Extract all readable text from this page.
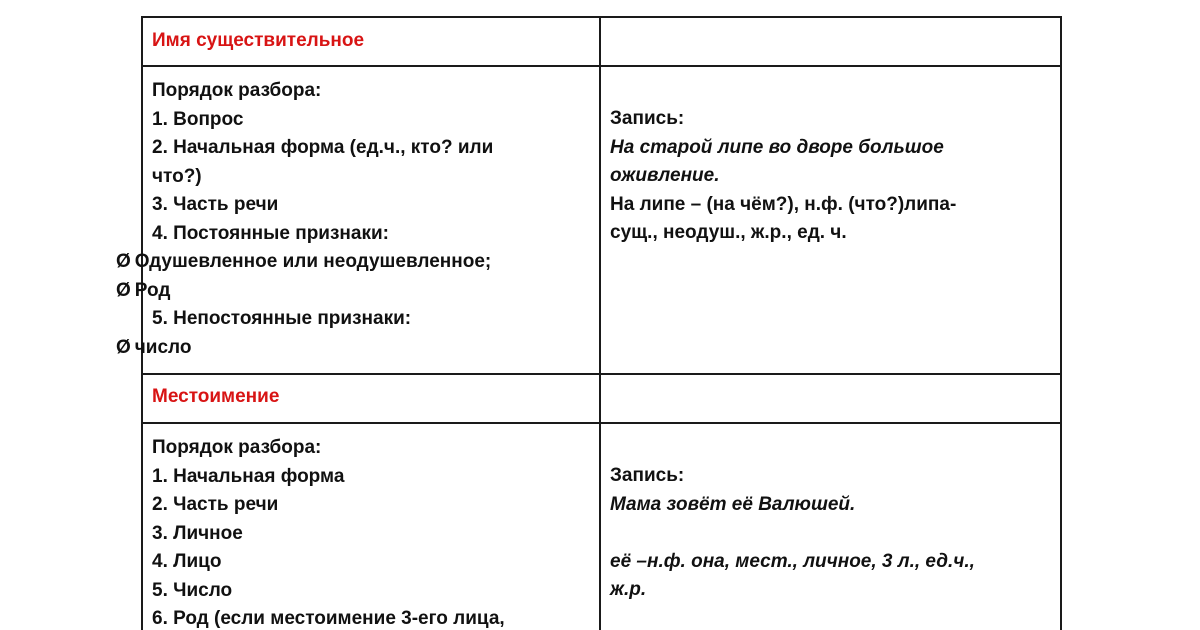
Имя существительное
Порядок разбора:
1. Вопрос
2. Начальная форма (ед.ч., кто? или
что?)
3. Часть речи
4. Постоянные признаки:
Ø Одушевленное или неодушевленное;
Ø Род
5. Непостоянные признаки:
Ø число
Запись:
На старой липе во дворе большое
оживление.
На липе – (на чём?), н.ф. (что?)липа-
сущ., неодуш., ж.р., ед. ч.
Местоимение
Порядок разбора:
1. Начальная форма
2. Часть речи
3. Личное
4. Лицо
5. Число
6. Род (если местоимение 3-его лица,
Запись:
Мама зовёт её Валюшей.
её –н.ф. она, мест., личное, 3 л., ед.ч.,
ж.р.
